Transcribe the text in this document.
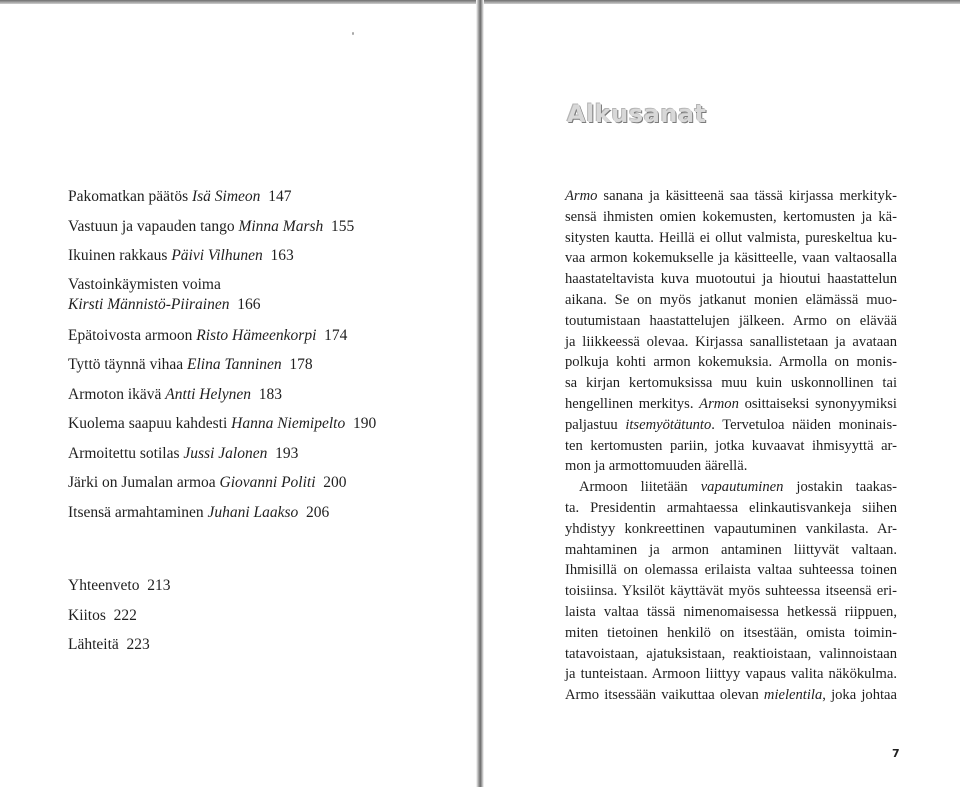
Pakomatkan päätös Isä Simeon 147
Vastuun ja vapauden tango Minna Marsh 155
Ikuinen rakkaus Päivi Vilhunen 163
Vastoinkäymisten voima
Kirsti Männistö-Piirainen 166
Epätoivosta armoon Risto Hämeenkorpi 174
Tyttö täynnä vihaa Elina Tanninen 178
Armoton ikävä Antti Helynen 183
Kuolema saapuu kahdesti Hanna Niemipelto 190
Armoitettu sotilas Jussi Jalonen 193
Järki on Jumalan armoa Giovanni Politi 200
Itsensä armahtaminen Juhani Laakso 206
Yhteenveto 213
Kiitos 222
Lähteitä 223
Alkusanat

Armo sanana ja käsitteenä saa tässä kirjassa merkityk-
sensä ihmisten omien kokemusten, kertomusten ja kä-
sitysten kautta. Heillä ei ollut valmista, pureskeltua ku-
vaa armon kokemukselle ja käsitteelle, vaan valtaosalla
haastateltavista kuva muotoutui ja hioutui haastattelun
aikana. Se on myös jatkanut monien elämässä muo-
toutumistaan haastattelujen jälkeen. Armo on elävää
ja liikkeessä olevaa. Kirjassa sanallistetaan ja avataan
polkuja kohti armon kokemuksia. Armolla on monis-
sa kirjan kertomuksissa muu kuin uskonnollinen tai
hengellinen merkitys. Armon osittaiseksi synonyymiksi
paljastuu itsemyötätunto. Tervetuloa näiden moninais-
ten kertomusten pariin, jotka kuvaavat ihmisyyttä ar-
mon ja armottomuuden äärellä.

Armoon liitetään vapautuminen jostakin taakas-
ta. Presidentin armahtaessa elinkautisvankeja siihen
yhdistyy konkreettinen vapautuminen vankilasta. Ar-
mahtaminen ja armon antaminen liittyvät valtaan.
Ihmisillä on olemassa erilaista valtaa suhteessa toinen
toisiinsa. Yksilöt käyttävät myös suhteessa itseensä eri-
laista valtaa tässä nimenomaisessa hetkessä riippuen,
miten tietoinen henkilö on itsestään, omista toimin-
tatavoistaan, ajatuksistaan, reaktioistaan, valinnoistaan
ja tunteistaan. Armoon liittyy vapaus valita näkökulma.
Armo itsessään vaikuttaa olevan mielentila, joka johtaa

7
